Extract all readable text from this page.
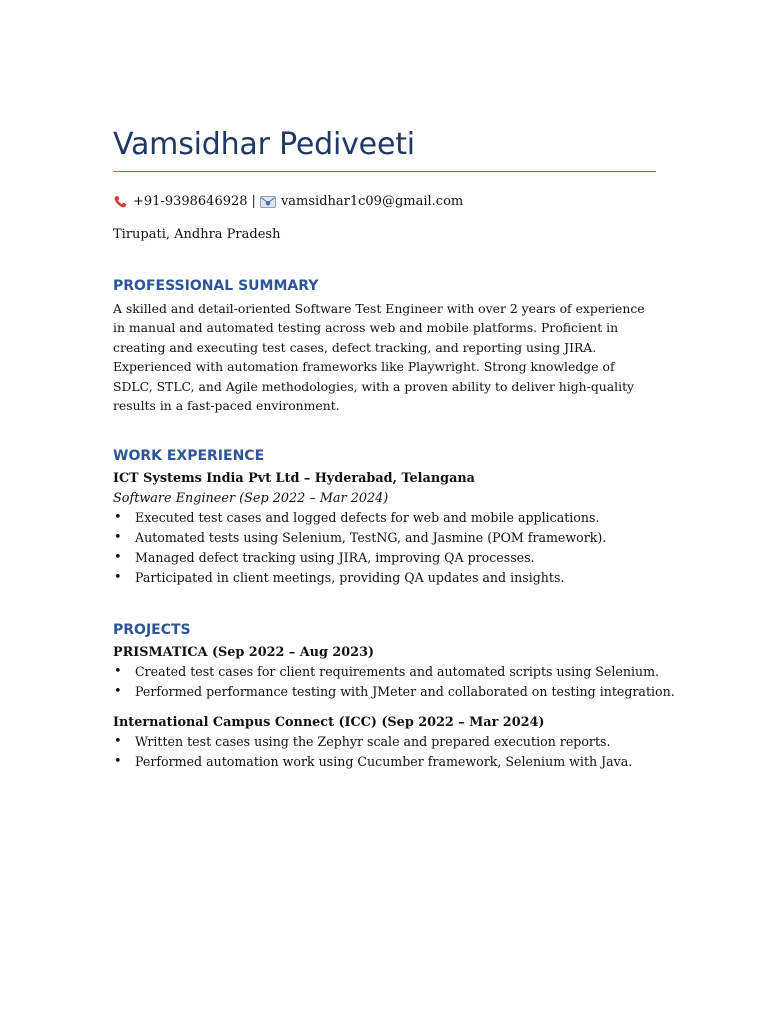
Vamsidhar Pediveeti
+91-9398646928 | vamsidhar1c09@gmail.com
Tirupati, Andhra Pradesh
PROFESSIONAL SUMMARY
A skilled and detail-oriented Software Test Engineer with over 2 years of experience in manual and automated testing across web and mobile platforms. Proficient in creating and executing test cases, defect tracking, and reporting using JIRA. Experienced with automation frameworks like Playwright. Strong knowledge of SDLC, STLC, and Agile methodologies, with a proven ability to deliver high-quality results in a fast-paced environment.
WORK EXPERIENCE
ICT Systems India Pvt Ltd – Hyderabad, Telangana
Software Engineer (Sep 2022 – Mar 2024)
• Executed test cases and logged defects for web and mobile applications.
• Automated tests using Selenium, TestNG, and Jasmine (POM framework).
• Managed defect tracking using JIRA, improving QA processes.
• Participated in client meetings, providing QA updates and insights.
PROJECTS
PRISMATICA (Sep 2022 – Aug 2023)
• Created test cases for client requirements and automated scripts using Selenium.
• Performed performance testing with JMeter and collaborated on testing integration.
International Campus Connect (ICC) (Sep 2022 – Mar 2024)
• Written test cases using the Zephyr scale and prepared execution reports.
• Performed automation work using Cucumber framework, Selenium with Java.
